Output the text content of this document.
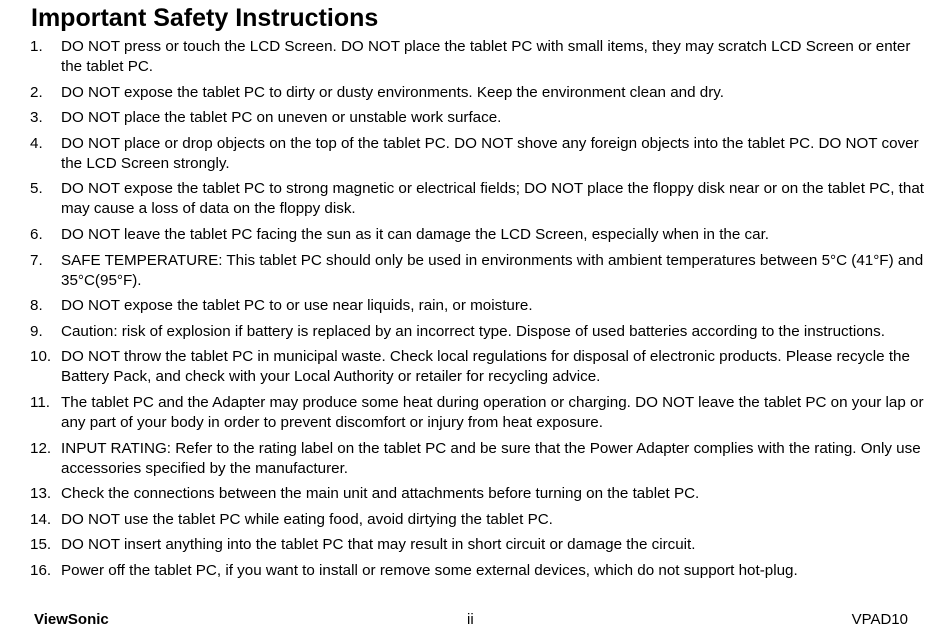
Important Safety Instructions
1. DO NOT press or touch the LCD Screen. DO NOT place the tablet PC with small items, they may scratch LCD Screen or enter the tablet PC.
2. DO NOT expose the tablet PC to dirty or dusty environments. Keep the environment clean and dry.
3. DO NOT place the tablet PC on uneven or unstable work surface.
4. DO NOT place or drop objects on the top of the tablet PC. DO NOT shove any foreign objects into the tablet PC. DO NOT cover the LCD Screen strongly.
5. DO NOT expose the tablet PC to strong magnetic or electrical fields; DO NOT place the floppy disk near or on the tablet PC, that may cause a loss of data on the floppy disk.
6. DO NOT leave the tablet PC facing the sun as it can damage the LCD Screen, especially when in the car.
7. SAFE TEMPERATURE: This tablet PC should only be used in environments with ambient temperatures between 5°C (41°F) and 35°C(95°F).
8. DO NOT expose the tablet PC to or use near liquids, rain, or moisture.
9. Caution: risk of explosion if battery is replaced by an incorrect type. Dispose of used batteries according to the instructions.
10. DO NOT throw the tablet PC in municipal waste. Check local regulations for disposal of electronic products. Please recycle the Battery Pack, and check with your Local Authority or retailer for recycling advice.
11. The tablet PC and the Adapter may produce some heat during operation or charging. DO NOT leave the tablet PC on your lap or any part of your body in order to prevent discomfort or injury from heat exposure.
12. INPUT RATING: Refer to the rating label on the tablet PC and be sure that the Power Adapter complies with the rating. Only use accessories specified by the manufacturer.
13. Check the connections between the main unit and attachments before turning on the tablet PC.
14. DO NOT use the tablet PC while eating food, avoid dirtying the tablet PC.
15. DO NOT insert anything into the tablet PC that may result in short circuit or damage the circuit.
16. Power off the tablet PC, if you want to install or remove some external devices, which do not support hot-plug.
ViewSonic	ii	VPAD10
